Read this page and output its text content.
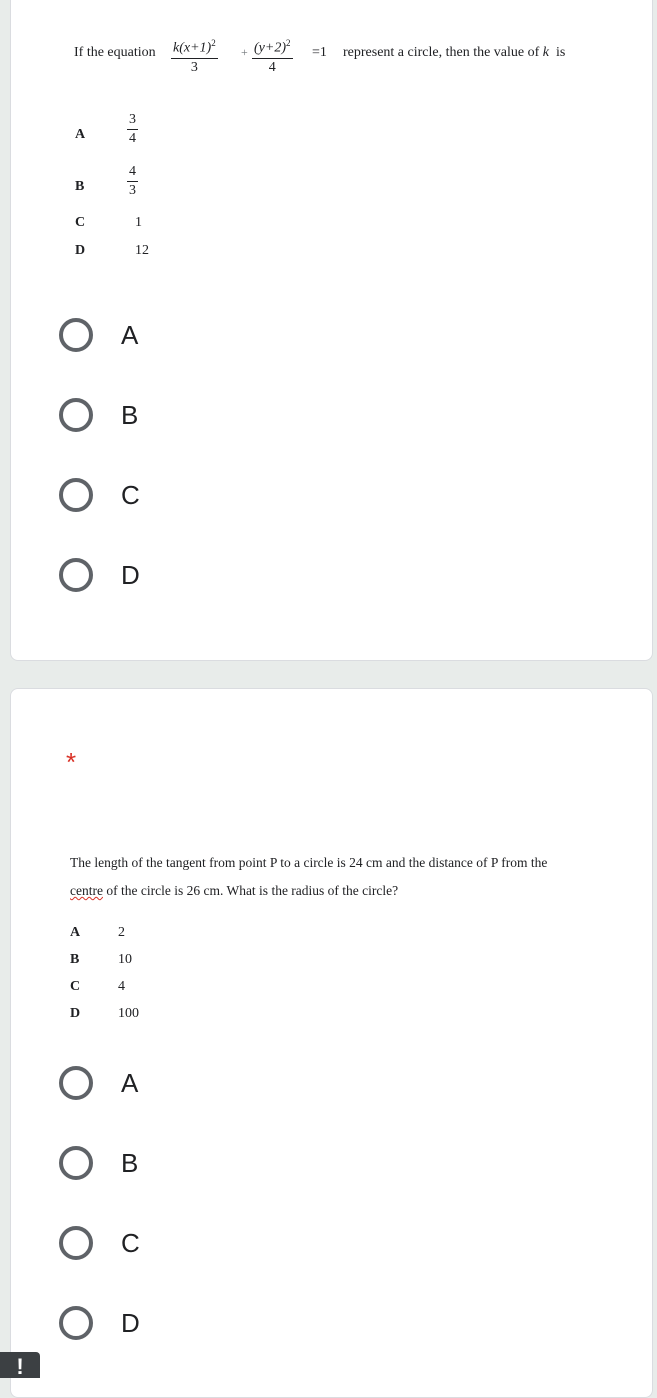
If the equation $\frac{k(x+1)^2}{3} + \frac{(y+2)^2}{4} =1$ represent a circle, then the value of k is
A	$\frac{3}{4}$
B	$\frac{4}{3}$
C	1
D	12
A
B
C
D
*
The length of the tangent from point P to a circle is 24 cm and the distance of P from the
centre of the circle is 26 cm. What is the radius of the circle?
A	2
B	10
C	4
D	100
A
B
C
D
!
